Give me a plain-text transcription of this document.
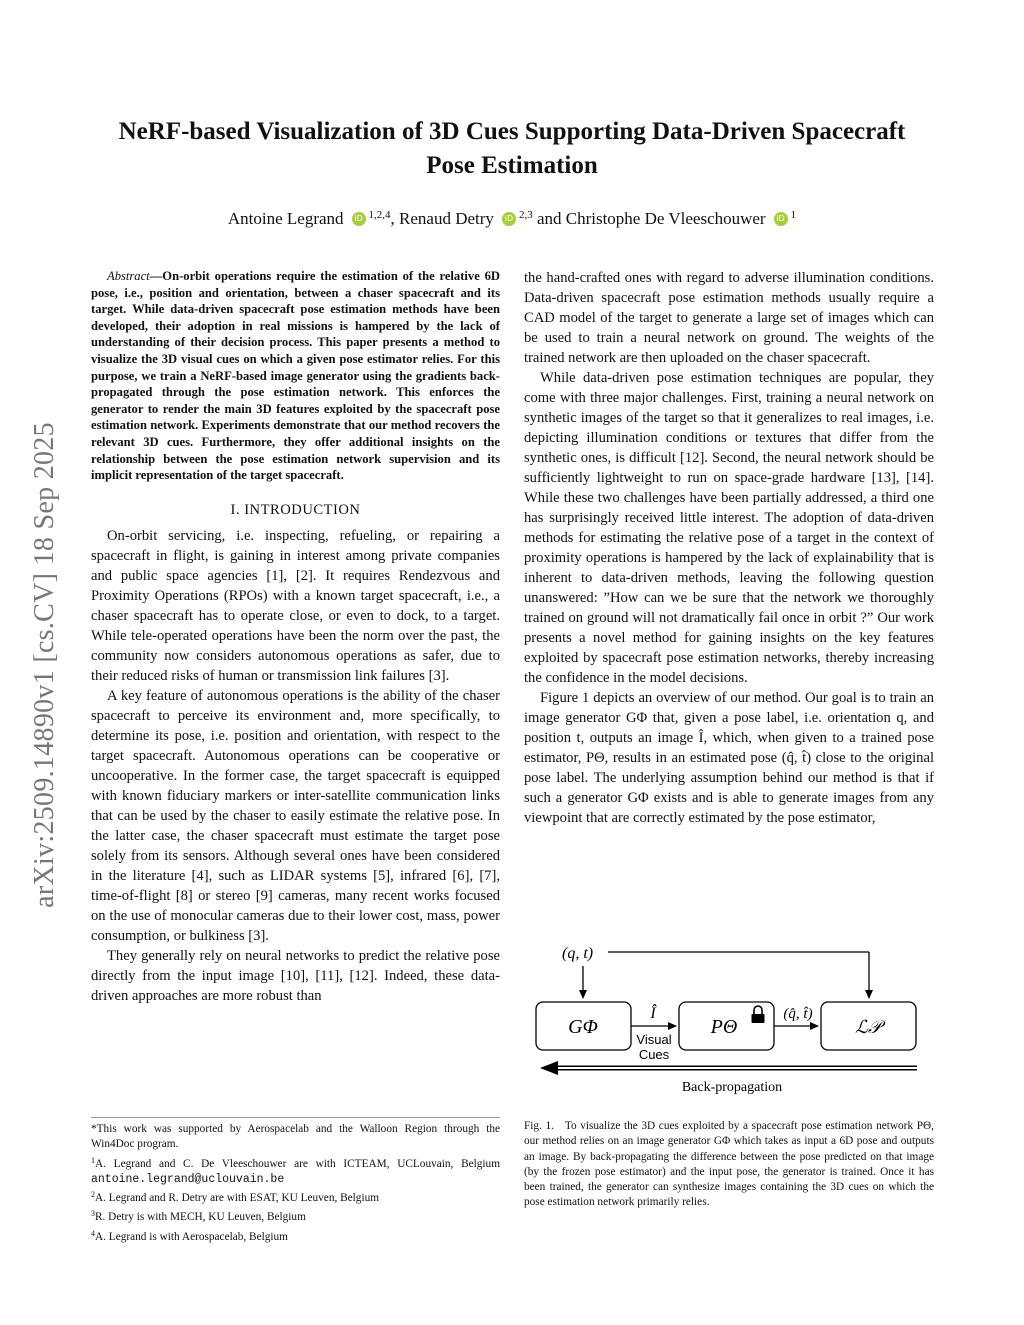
NeRF-based Visualization of 3D Cues Supporting Data-Driven Spacecraft Pose Estimation
Antoine Legrand iD $^{1,2,4}$, Renaud Detry iD $^{2,3}$ and Christophe De Vleeschouwer iD $^1$
arXiv:2509.14890v1 [cs.CV] 18 Sep 2025
Abstract—On-orbit operations require the estimation of the relative 6D pose, i.e., position and orientation, between a chaser spacecraft and its target. While data-driven spacecraft pose estimation methods have been developed, their adoption in real missions is hampered by the lack of understanding of their decision process. This paper presents a method to visualize the 3D visual cues on which a given pose estimator relies. For this purpose, we train a NeRF-based image generator using the gradients back-propagated through the pose estimation network. This enforces the generator to render the main 3D features exploited by the spacecraft pose estimation network. Experiments demonstrate that our method recovers the relevant 3D cues. Furthermore, they offer additional insights on the relationship between the pose estimation network supervision and its implicit representation of the target spacecraft.
I. INTRODUCTION

On-orbit servicing, i.e. inspecting, refueling, or repairing a spacecraft in flight, is gaining in interest among private companies and public space agencies [1], [2]. It requires Rendezvous and Proximity Operations (RPOs) with a known target spacecraft, i.e., a chaser spacecraft has to operate close, or even to dock, to a target. While tele-operated operations have been the norm over the past, the community now considers autonomous operations as safer, due to their reduced risks of human or transmission link failures [3].

A key feature of autonomous operations is the ability of the chaser spacecraft to perceive its environment and, more specifically, to determine its pose, i.e. position and orientation, with respect to the target spacecraft. Autonomous operations can be cooperative or uncooperative. In the former case, the target spacecraft is equipped with known fiduciary markers or inter-satellite communication links that can be used by the chaser to easily estimate the relative pose. In the latter case, the chaser spacecraft must estimate the target pose solely from its sensors. Although several ones have been considered in the literature [4], such as LIDAR systems [5], infrared [6], [7], time-of-flight [8] or stereo [9] cameras, many recent works focused on the use of monocular cameras due to their lower cost, mass, power consumption, or bulkiness [3].

They generally rely on neural networks to predict the relative pose directly from the input image [10], [11], [12]. Indeed, these data-driven approaches are more robust than

*This work was supported by Aerospacelab and the Walloon Region through the Win4Doc program.

$^1$A. Legrand and C. De Vleeschouwer are with ICTEAM, UCLouvain, Belgium antoine.legrand@uclouvain.be

$^2$A. Legrand and R. Detry are with ESAT, KU Leuven, Belgium

$^3$R. Detry is with MECH, KU Leuven, Belgium

$^4$A. Legrand is with Aerospacelab, Belgium

the hand-crafted ones with regard to adverse illumination conditions. Data-driven spacecraft pose estimation methods usually require a CAD model of the target to generate a large set of images which can be used to train a neural network on ground. The weights of the trained network are then uploaded on the chaser spacecraft.

While data-driven pose estimation techniques are popular, they come with three major challenges. First, training a neural network on synthetic images of the target so that it generalizes to real images, i.e. depicting illumination conditions or textures that differ from the synthetic ones, is difficult [12]. Second, the neural network should be sufficiently lightweight to run on space-grade hardware [13], [14]. While these two challenges have been partially addressed, a third one has surprisingly received little interest. The adoption of data-driven methods for estimating the relative pose of a target in the context of proximity operations is hampered by the lack of explainability that is inherent to data-driven methods, leaving the following question unanswered: ”How can we be sure that the network we thoroughly trained on ground will not dramatically fail once in orbit ?” Our work presents a novel method for gaining insights on the key features exploited by spacecraft pose estimation networks, thereby increasing the confidence in the model decisions.

Figure 1 depicts an overview of our method. Our goal is to train an image generator GΦ that, given a pose label, i.e. orientation q, and position t, outputs an image Î, which, when given to a trained pose estimator, PΘ, results in an estimated pose (q̂, t̂) close to the original pose label. The underlying assumption behind our method is that if such a generator GΦ exists and is able to generate images from any viewpoint that are correctly estimated by the pose estimator,

(q, t)
GΦ
Î
Visual
Cues
PΘ
(q̂, t̂)
ℒ𝒫
Back-propagation
Fig. 1. To visualize the 3D cues exploited by a spacecraft pose estimation network PΘ, our method relies on an image generator GΦ which takes as input a 6D pose and outputs an image. By back-propagating the difference between the pose predicted on that image (by the frozen pose estimator) and the input pose, the generator is trained. Once it has been trained, the generator can synthesize images containing the 3D cues on which the pose estimation network primarily relies.
